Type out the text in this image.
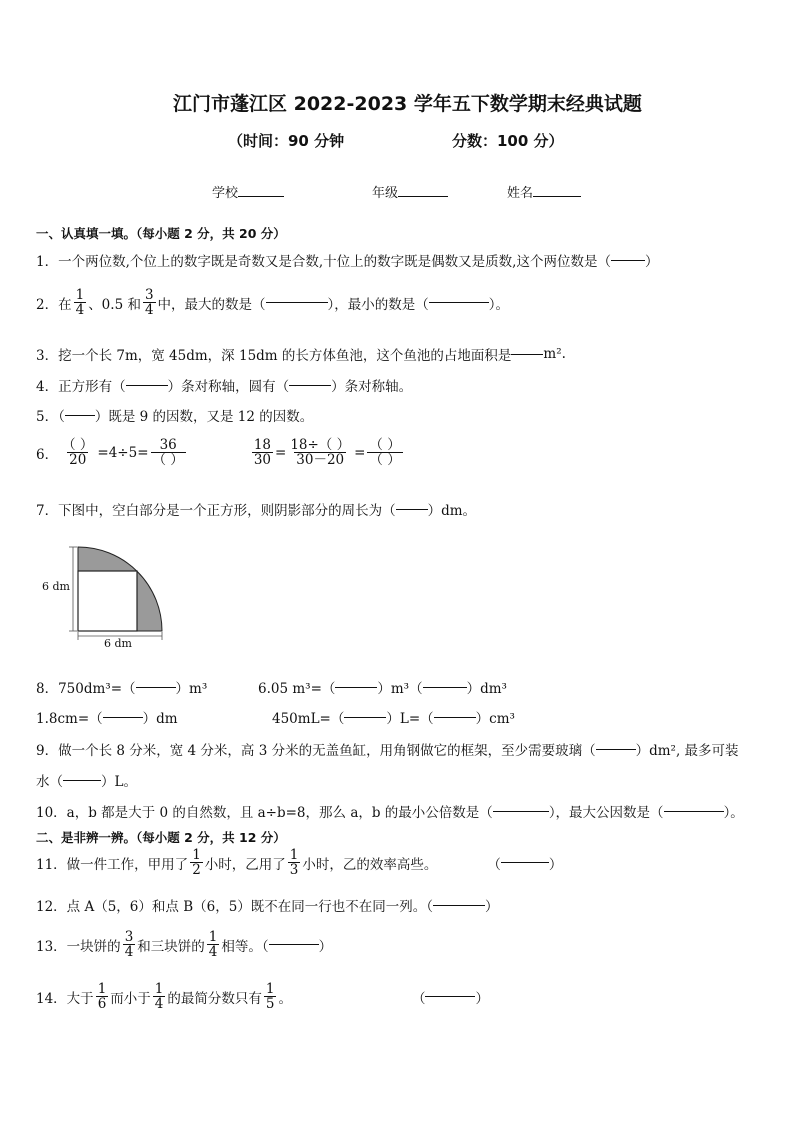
江门市蓬江区 2022-2023 学年五下数学期末经典试题
（时间：90 分钟	分数：100 分）
学校	年级	姓名
一、认真填一填。（每小题 2 分，共 20 分）
1．一个两位数,个位上的数字既是奇数又是合数,十位上的数字既是偶数又是质数,这个两位数是（	）
2．在 $\frac{1}{4}$ 、0.5 和 $\frac{3}{4}$ 中，最大的数是（	），最小的数是（	）。
3．挖一个长 7m，宽 45dm，深 15dm 的长方体鱼池，这个鱼池的占地面积是 m².
4．正方形有（	）条对称轴，圆有（	）条对称轴。
5．（ ）既是 9 的因数，又是 12 的因数。
6． $\frac{( )}{20} =4\div 5= \frac{36}{( )}$	$\frac{18}{30} = \frac{18\div( )}{30-20} = \frac{( )}{( )}$
7．下图中，空白部分是一个正方形，则阴影部分的周长为（ ）dm。
6 dm
6 dm
8．750dm³=（	）m³	6.05 m³=（	）m³（	）dm³
1.8cm=（	）dm	450mL=（	）L=（	）cm³
9．做一个长 8 分米，宽 4 分米，高 3 分米的无盖鱼缸，用角钢做它的框架，至少需要玻璃（	）dm², 最多可装
水（	）L。
10．a，b 都是大于 0 的自然数，且 a÷b=8，那么 a，b 的最小公倍数是（	），最大公因数是（	）。
二、是非辨一辨。（每小题 2 分，共 12 分）
11．做一件工作，甲用了 $\frac{1}{2}$ 小时，乙用了 $\frac{1}{3}$ 小时，乙的效率高些。	（	）
12．点 A（5，6）和点 B（6，5）既不在同一行也不在同一列。（	）
13．一块饼的 $\frac{3}{4}$ 和三块饼的 $\frac{1}{4}$ 相等。（	）
14．大于 $\frac{1}{6}$ 而小于 $\frac{1}{4}$ 的最简分数只有 $\frac{1}{5}$ 。	（	）
